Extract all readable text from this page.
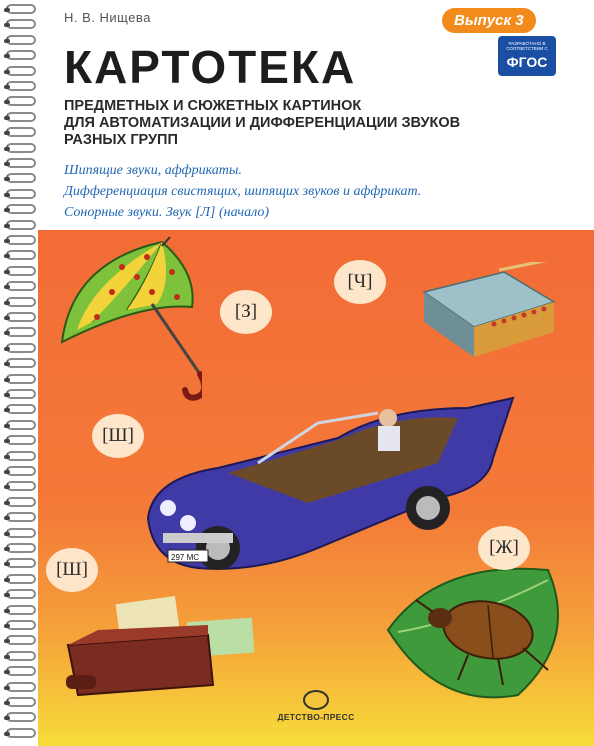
Н. В. Нищева	Выпуск 3
РАЗРАБОТАНО В СООТВЕТСТВИИ С
ФГОС
КАРТОТЕКА
ПРЕДМЕТНЫХ И СЮЖЕТНЫХ КАРТИНОК
ДЛЯ АВТОМАТИЗАЦИИ И ДИФФЕРЕНЦИАЦИИ ЗВУКОВ
РАЗНЫХ ГРУПП
Шипящие звуки, аффрикаты.
Дифференциация свистящих, шипящих звуков и аффрикат.
Сонорные звуки. Звук [Л] (начало)
297 МС
[З]
[Ч]
[Ш]
[Ж]
[Ш]
ДЕТСТВО-ПРЕСС
